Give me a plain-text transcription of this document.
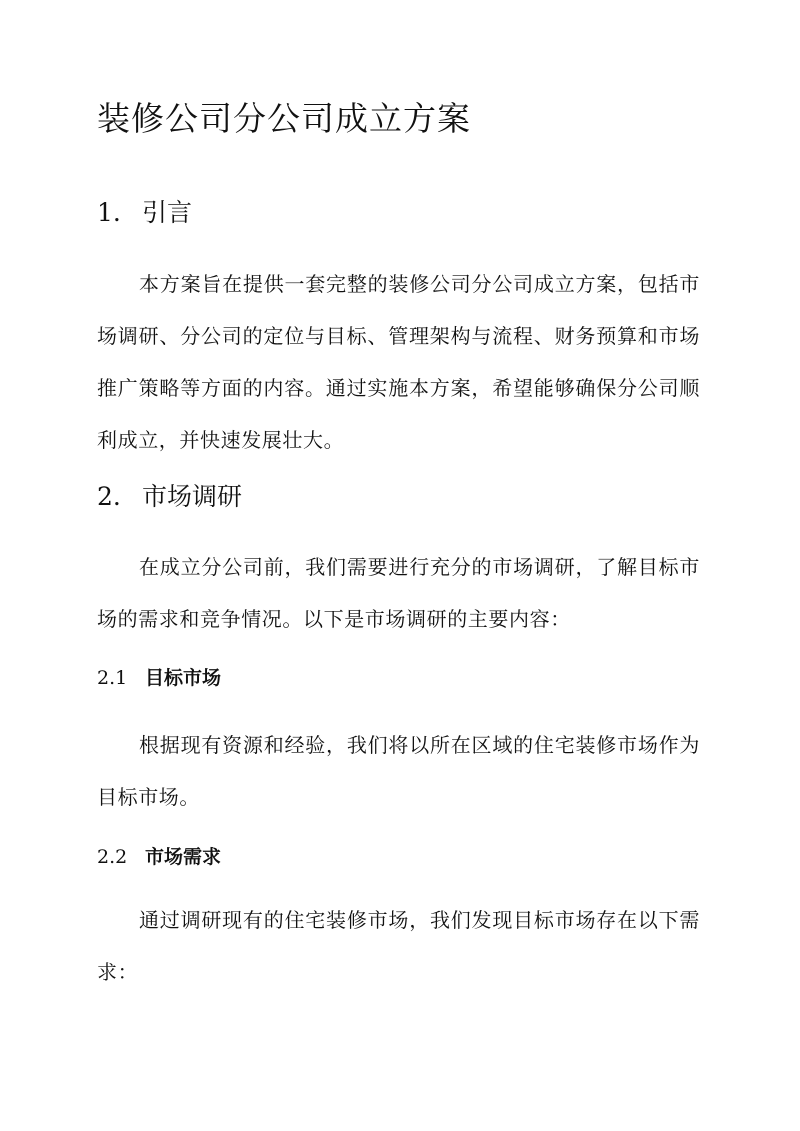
装修公司分公司成立方案
1. 引言

本方案旨在提供一套完整的装修公司分公司成立方案，包括市场调研、分公司的定位与目标、管理架构与流程、财务预算和市场推广策略等方面的内容。通过实施本方案，希望能够确保分公司顺利成立，并快速发展壮大。

2. 市场调研

在成立分公司前，我们需要进行充分的市场调研，了解目标市场的需求和竞争情况。以下是市场调研的主要内容：

2.1 目标市场

根据现有资源和经验，我们将以所在区域的住宅装修市场作为目标市场。

2.2 市场需求

通过调研现有的住宅装修市场，我们发现目标市场存在以下需求：
